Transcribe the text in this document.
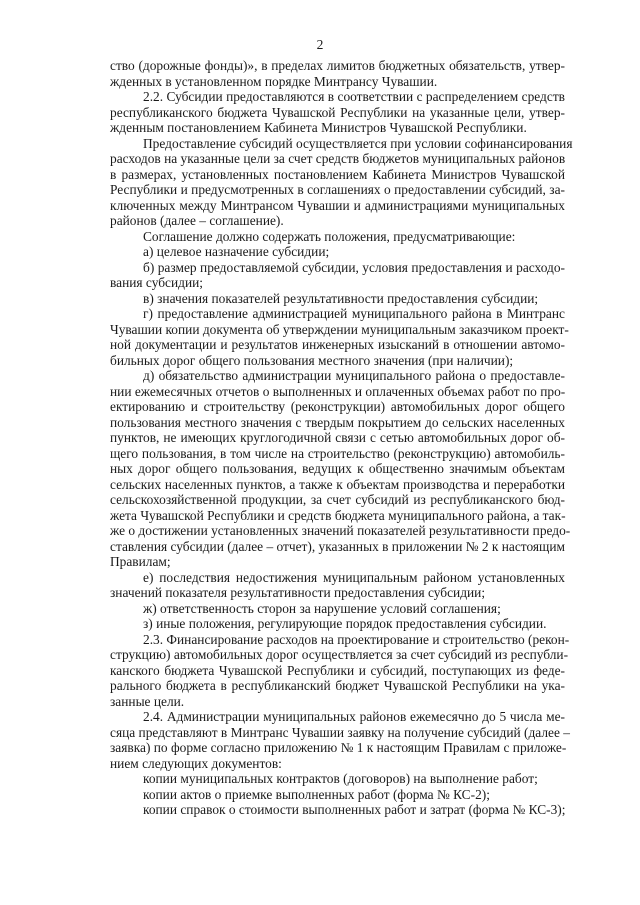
2
ство (дорожные фонды)», в пределах лимитов бюджетных обязательств, утвер-
жденных в установленном порядке Минтрансу Чувашии.
2.2. Субсидии предоставляются в соответствии с распределением средств
республиканского бюджета Чувашской Республики на указанные цели, утвер-
жденным постановлением Кабинета Министров Чувашской Республики.
Предоставление субсидий осуществляется при условии софинансирования
расходов на указанные цели за счет средств бюджетов муниципальных районов
в размерах, установленных постановлением Кабинета Министров Чувашской
Республики и предусмотренных в соглашениях о предоставлении субсидий, за-
ключенных между Минтрансом Чувашии и администрациями муниципальных
районов (далее – соглашение).
Соглашение должно содержать положения, предусматривающие:
а) целевое назначение субсидии;
б) размер предоставляемой субсидии, условия предоставления и расходо-
вания субсидии;
в) значения показателей результативности предоставления субсидии;
г) предоставление администрацией муниципального района в Минтранс
Чувашии копии документа об утверждении муниципальным заказчиком проект-
ной документации и результатов инженерных изысканий в отношении автомо-
бильных дорог общего пользования местного значения (при наличии);
д) обязательство администрации муниципального района о предоставле-
нии ежемесячных отчетов о выполненных и оплаченных объемах работ по про-
ектированию и строительству (реконструкции) автомобильных дорог общего
пользования местного значения с твердым покрытием до сельских населенных
пунктов, не имеющих круглогодичной связи с сетью автомобильных дорог об-
щего пользования, в том числе на строительство (реконструкцию) автомобиль-
ных дорог общего пользования, ведущих к общественно значимым объектам
сельских населенных пунктов, а также к объектам производства и переработки
сельскохозяйственной продукции, за счет субсидий из республиканского бюд-
жета Чувашской Республики и средств бюджета муниципального района, а так-
же о достижении установленных значений показателей результативности предо-
ставления субсидии (далее – отчет), указанных в приложении № 2 к настоящим
Правилам;
е) последствия недостижения муниципальным районом установленных
значений показателя результативности предоставления субсидии;
ж) ответственность сторон за нарушение условий соглашения;
з) иные положения, регулирующие порядок предоставления субсидии.
2.3. Финансирование расходов на проектирование и строительство (рекон-
струкцию) автомобильных дорог осуществляется за счет субсидий из республи-
канского бюджета Чувашской Республики и субсидий, поступающих из феде-
рального бюджета в республиканский бюджет Чувашской Республики на ука-
занные цели.
2.4. Администрации муниципальных районов ежемесячно до 5 числа ме-
сяца представляют в Минтранс Чувашии заявку на получение субсидий (далее –
заявка) по форме согласно приложению № 1 к настоящим Правилам с приложе-
нием следующих документов:
копии муниципальных контрактов (договоров) на выполнение работ;
копии актов о приемке выполненных работ (форма № КС-2);
копии справок о стоимости выполненных работ и затрат (форма № КС-3);
